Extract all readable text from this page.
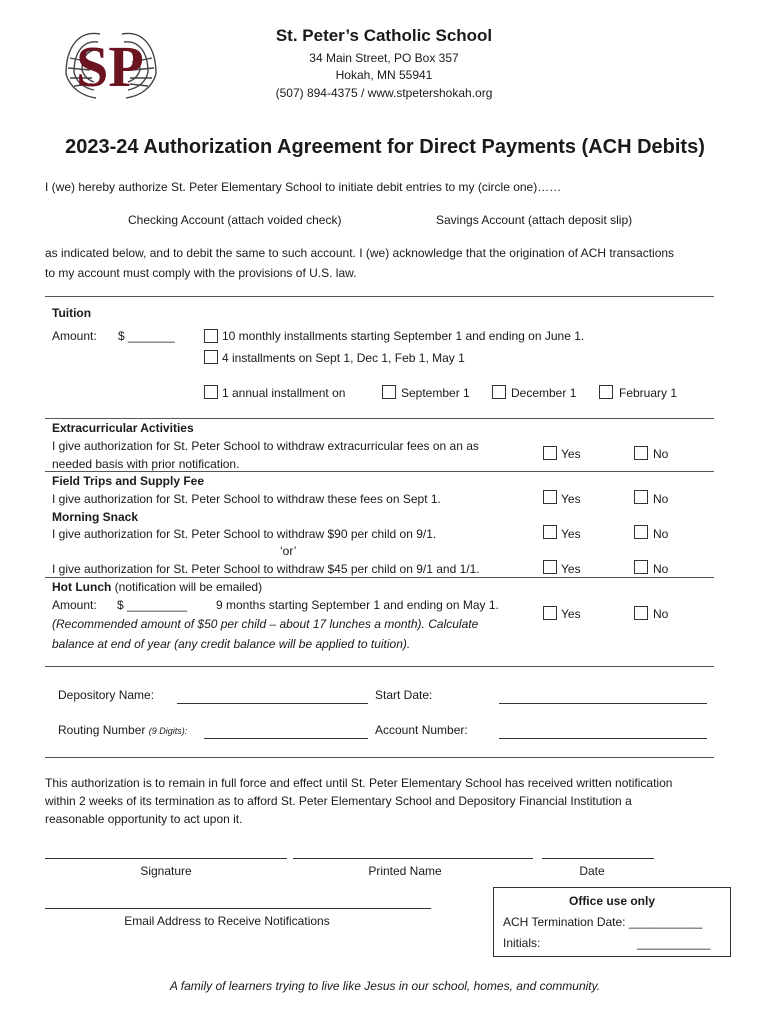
SP	St. Peter’s Catholic School
34 Main Street, PO Box 357
Hokah, MN 55941
(507) 894-4375 / www.stpetershokah.org
2023-24 Authorization Agreement for Direct Payments (ACH Debits)
I (we) hereby authorize St. Peter Elementary School to initiate debit entries to my (circle one)……
Checking Account (attach voided check)	Savings Account (attach deposit slip)
as indicated below, and to debit the same to such account. I (we) acknowledge that the origination of ACH transactions
to my account must comply with the provisions of U.S. law.
Tuition
Amount: $ _______	10 monthly installments starting September 1 and ending on June 1.
4 installments on Sept 1, Dec 1, Feb 1, May 1
1 annual installment on	September 1	December 1	February 1
Extracurricular Activities
I give authorization for St. Peter School to withdraw extracurricular fees on an as
needed basis with prior notification.
Yes	No
Field Trips and Supply Fee
I give authorization for St. Peter School to withdraw these fees on Sept 1.	Yes	No
Morning Snack
I give authorization for St. Peter School to withdraw $90 per child on 9/1.	Yes	No
‘or’
I give authorization for St. Peter School to withdraw $45 per child on 9/1 and 1/1.	Yes	No
Hot Lunch (notification will be emailed)
Amount: $ _________ 9 months starting September 1 and ending on May 1.
(Recommended amount of $50 per child – about 17 lunches a month). Calculate
balance at end of year (any credit balance will be applied to tuition).
Yes	No
Depository Name:	Start Date:
Routing Number (9 Digits):	Account Number:
This authorization is to remain in full force and effect until St. Peter Elementary School has received written notification
within 2 weeks of its termination as to afford St. Peter Elementary School and Depository Financial Institution a
reasonable opportunity to act upon it.
Signature	Printed Name	Date
Email Address to Receive Notifications
Office use only
ACH Termination Date: ___________
Initials:	___________
A family of learners trying to live like Jesus in our school, homes, and community.
